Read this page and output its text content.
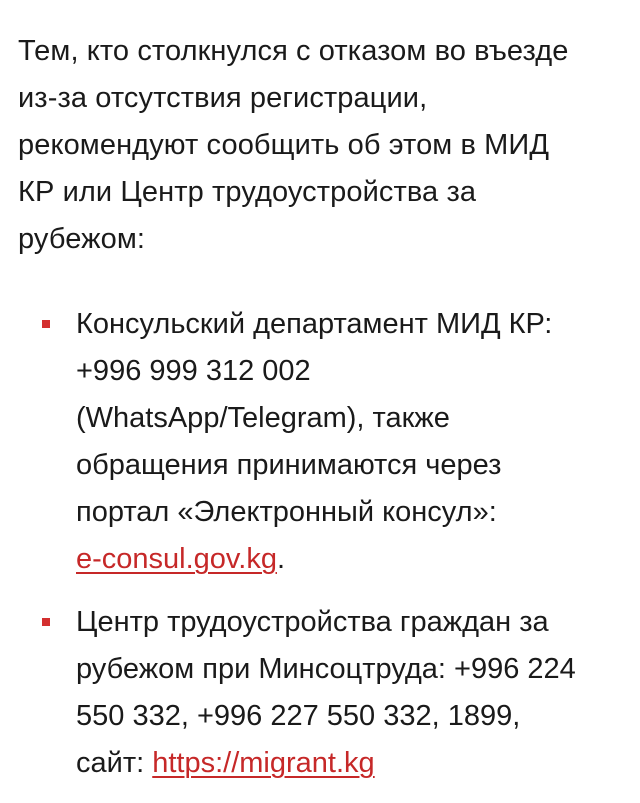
Тем, кто столкнулся с отказом во въезде
из-за отсутствия регистрации,
рекомендуют сообщить об этом в МИД
КР или Центр трудоустройства за
рубежом:

Консульский департамент МИД КР:
+996 999 312 002
(WhatsApp/Telegram), также
обращения принимаются через
портал «Электронный консул»:
e-consul.gov.kg.
Центр трудоустройства граждан за
рубежом при Минсоцтруда: +996 224
550 332, +996 227 550 332, 1899,
сайт: https://migrant.kg
